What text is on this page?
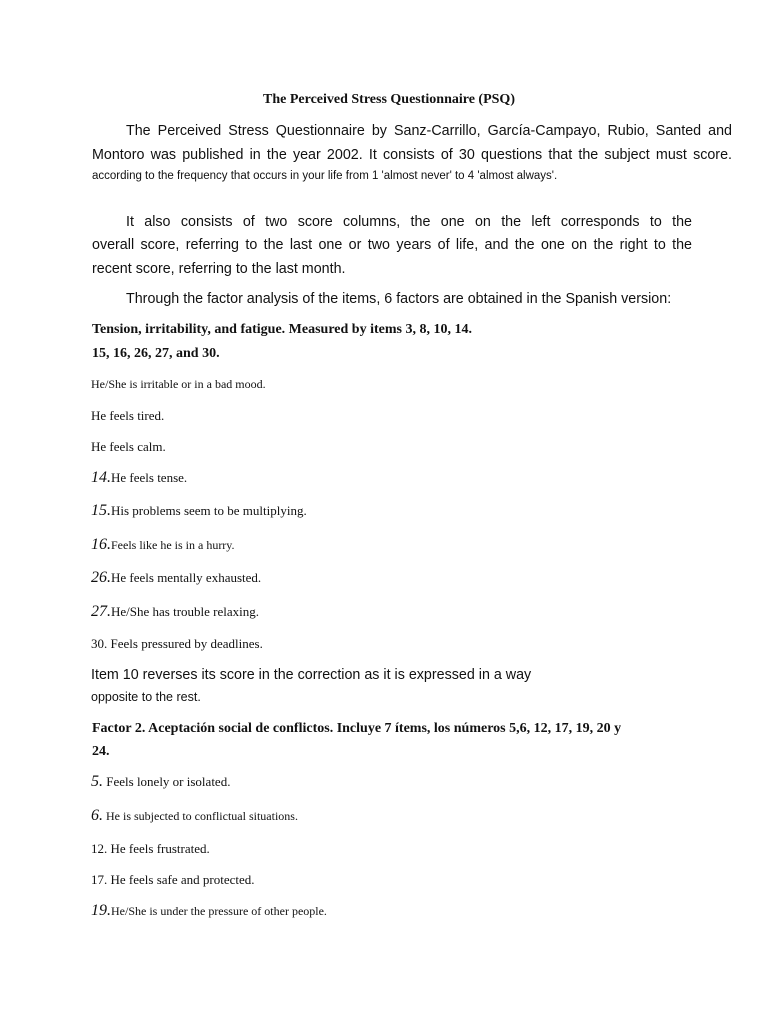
The Perceived Stress Questionnaire (PSQ)

The Perceived Stress Questionnaire by Sanz-Carrillo, García-Campayo, Rubio, Santed and

Montoro was published in the year 2002. It consists of 30 questions that the subject must score.

according to the frequency that occurs in your life from 1 'almost never' to 4 'almost always'.

It also consists of two score columns, the one on the left corresponds to the

overall score, referring to the last one or two years of life, and the one on the right to the

recent score, referring to the last month.

Through the factor analysis of the items, 6 factors are obtained in the Spanish version:
Tension, irritability, and fatigue. Measured by items 3, 8, 10, 14.
15, 16, 26, 27, and 30.
He/She is irritable or in a bad mood.
He feels tired.
He feels calm.
14.He feels tense.
15.His problems seem to be multiplying.
16.Feels like he is in a hurry.
26.He feels mentally exhausted.
27.He/She has trouble relaxing.
30. Feels pressured by deadlines.
Item 10 reverses its score in the correction as it is expressed in a way
opposite to the rest.
Factor 2. Aceptación social de conflictos. Incluye 7 ítems, los números 5,6, 12, 17, 19, 20 y
24.
5. Feels lonely or isolated.
6. He is subjected to conflictual situations.
12. He feels frustrated.
17. He feels safe and protected.
19.He/She is under the pressure of other people.
